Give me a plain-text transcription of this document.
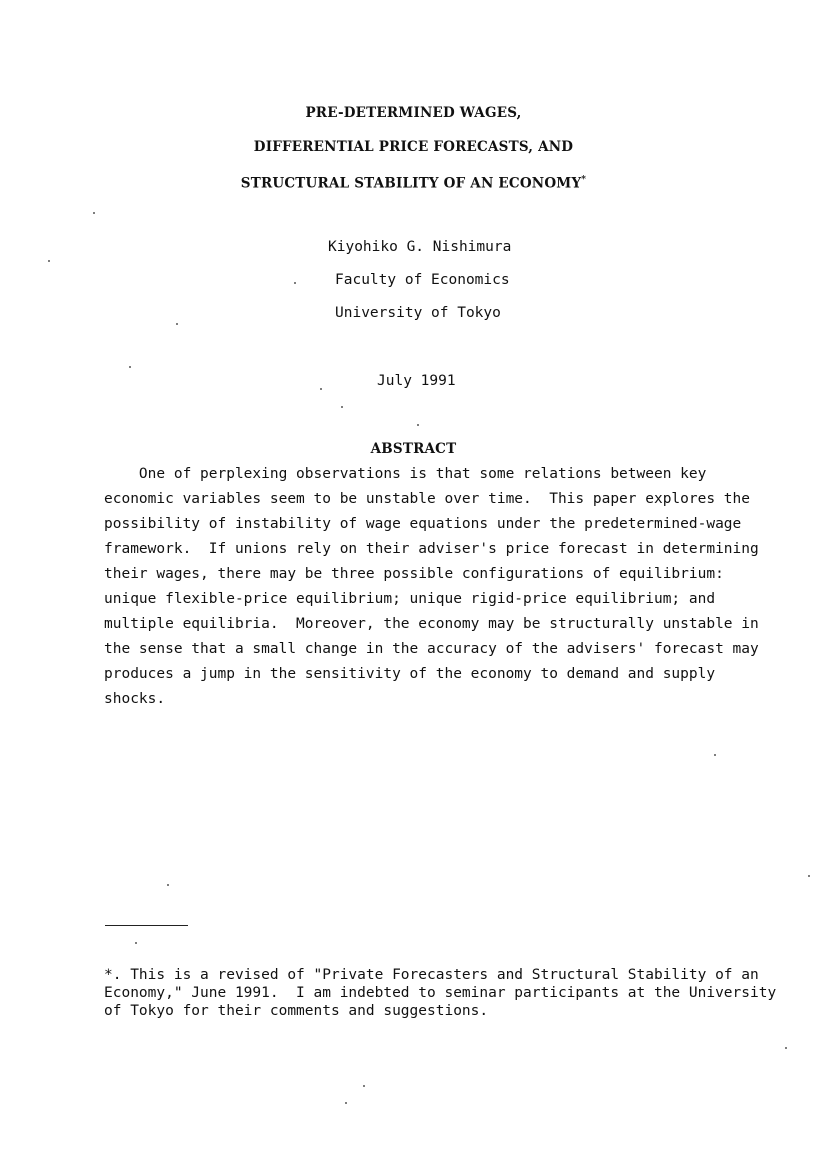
PRE-DETERMINED WAGES,
DIFFERENTIAL PRICE FORECASTS, AND
STRUCTURAL STABILITY OF AN ECONOMY*
Kiyohiko G. Nishimura
Faculty of Economics
University of Tokyo
July 1991
ABSTRACT
One of perplexing observations is that some relations between key
economic variables seem to be unstable over time.  This paper explores the
possibility of instability of wage equations under the predetermined-wage
framework.  If unions rely on their adviser's price forecast in determining
their wages, there may be three possible configurations of equilibrium:
unique flexible-price equilibrium; unique rigid-price equilibrium; and
multiple equilibria.  Moreover, the economy may be structurally unstable in
the sense that a small change in the accuracy of the advisers' forecast may
produces a jump in the sensitivity of the economy to demand and supply
shocks.
*. This is a revised of "Private Forecasters and Structural Stability of an
Economy," June 1991.  I am indebted to seminar participants at the University
of Tokyo for their comments and suggestions.
